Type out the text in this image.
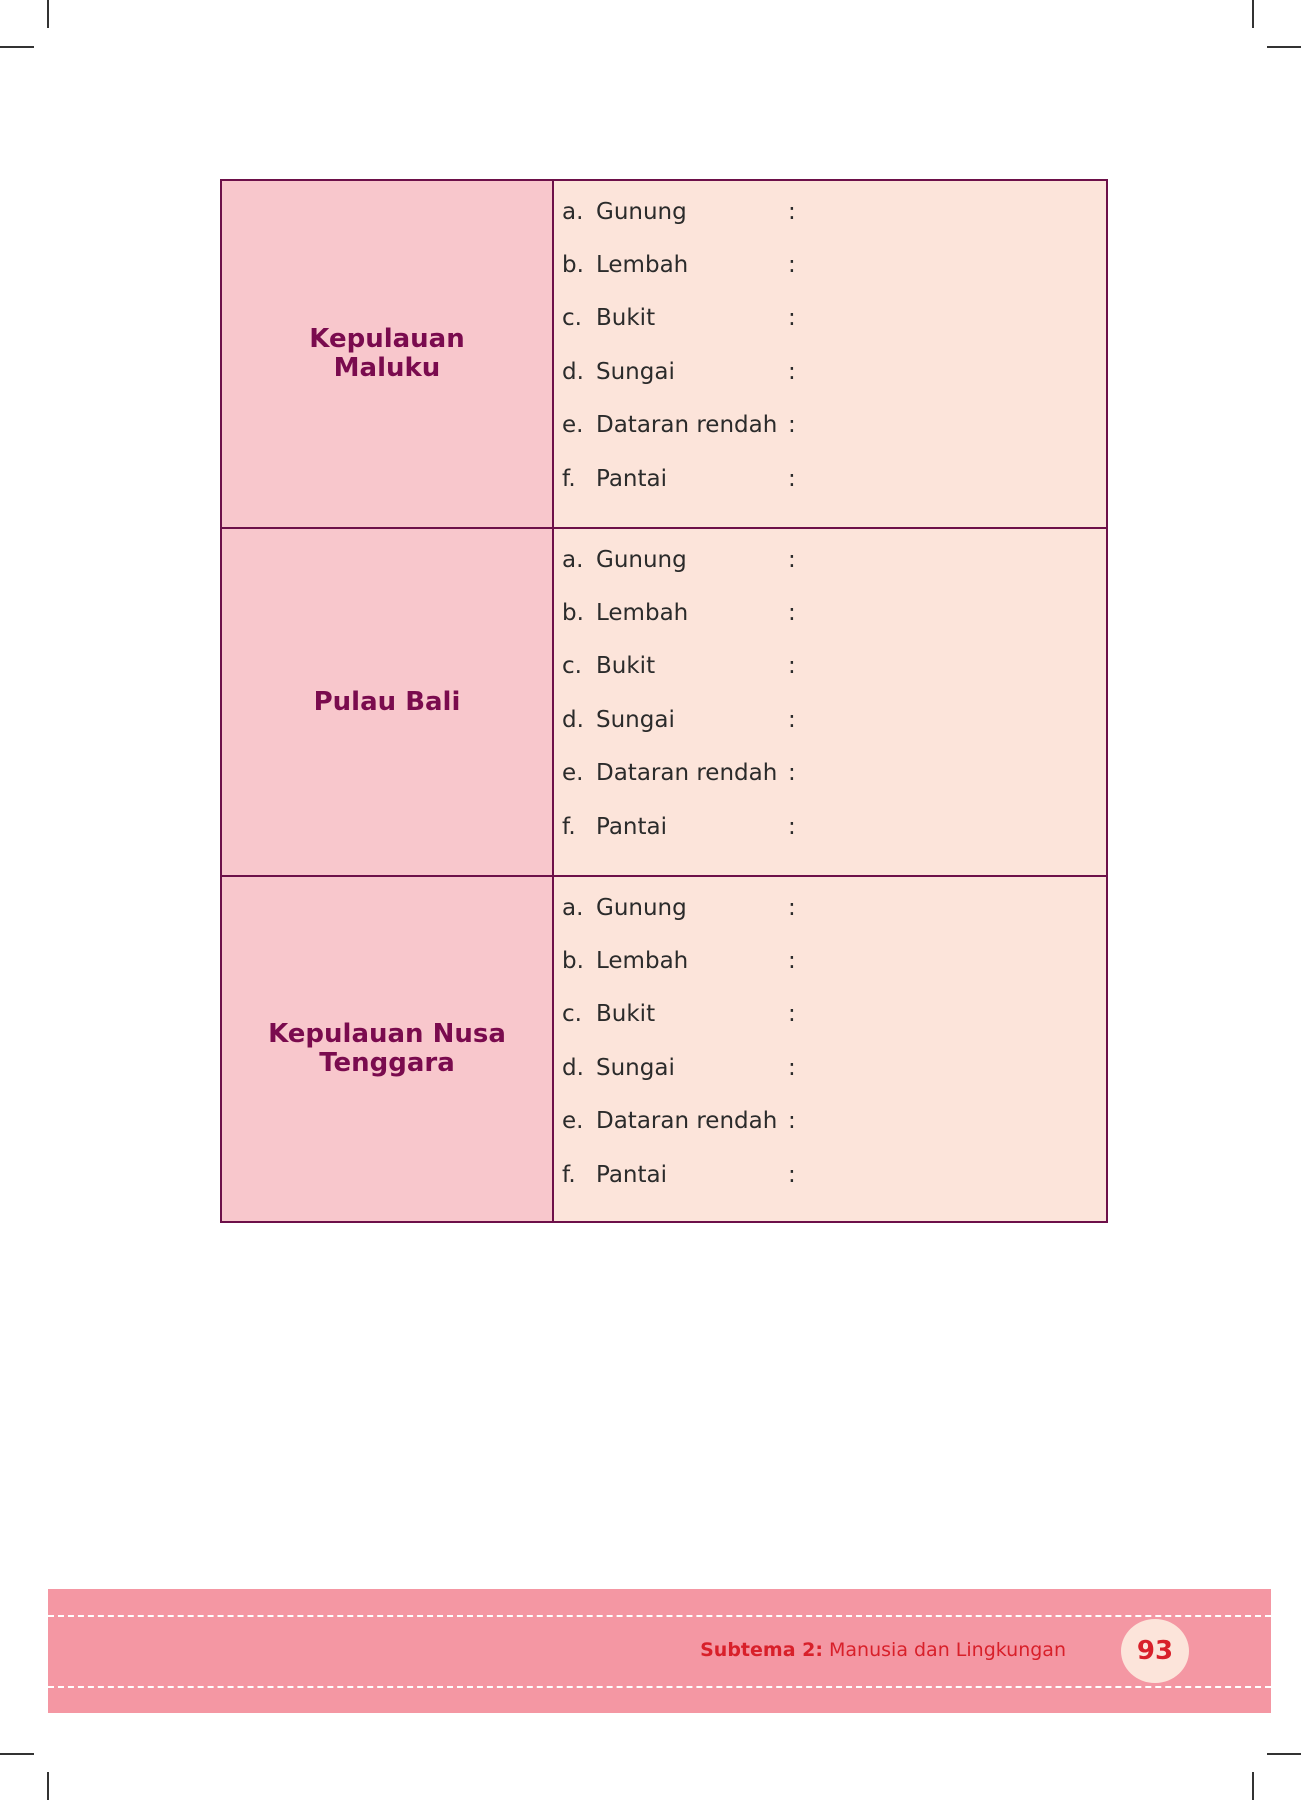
Kepulauan Maluku
a. Gunung	:
b. Lembah	:
c. Bukit	:
d. Sungai	:
e. Dataran rendah :
f. Pantai	:
Pulau Bali
a. Gunung	:
b. Lembah	:
c. Bukit	:
d. Sungai	:
e. Dataran rendah :
f. Pantai	:
Kepulauan Nusa Tenggara
a. Gunung	:
b. Lembah	:
c. Bukit	:
d. Sungai	:
e. Dataran rendah :
f. Pantai	:
Subtema 2: Manusia dan Lingkungan	93
